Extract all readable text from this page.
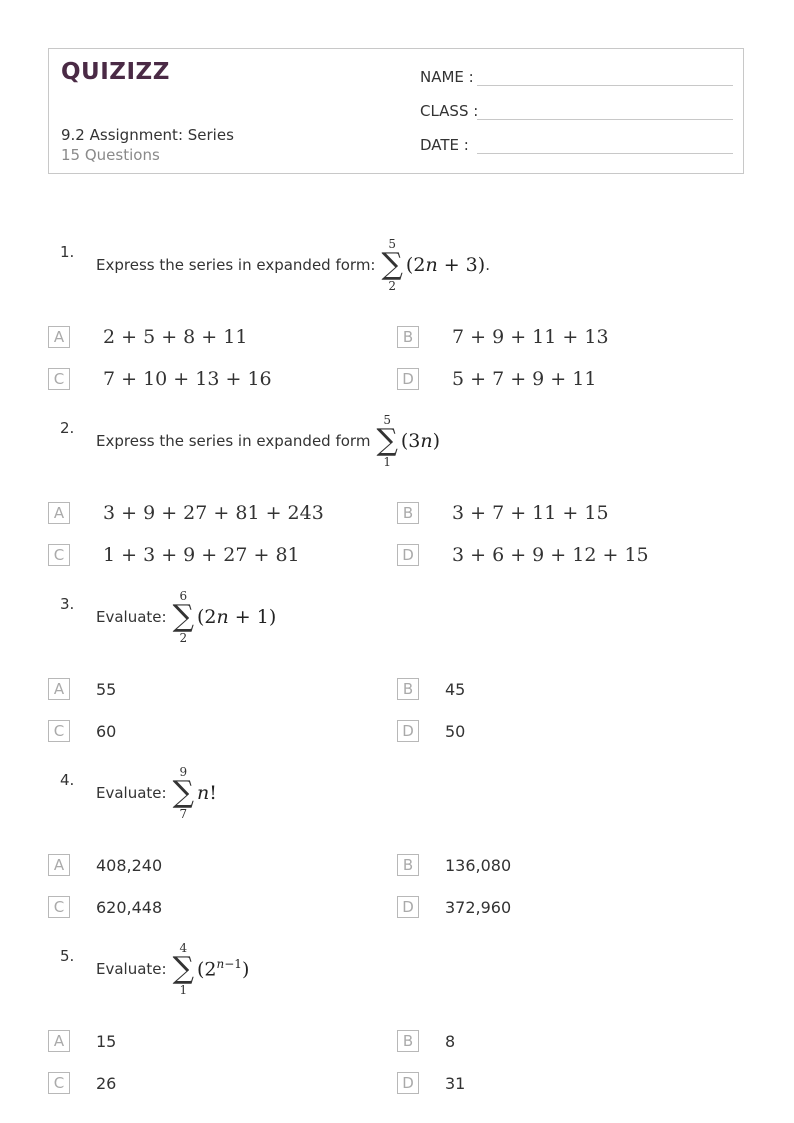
QUIZIZZ
9.2 Assignment: Series
15 Questions
NAME :
CLASS :
DATE :
1.
Express the series in expanded form:
5
∑
2
(2n + 3) .
A	2 + 5 + 8 + 11	B	7 + 9 + 11 + 13
C	7 + 10 + 13 + 16	D 5 + 7 + 9 + 11
2.
Express the series in expanded form
5
∑
1
(3n)
A	3 + 9 + 27 + 81 + 243	B	3 + 7 + 11 + 15
C	1 + 3 + 9 + 27 + 81	D 3 + 6 + 9 + 12 + 15
3.
Evaluate:
6
∑
2
(2n + 1)
A	55	B	45
C	60	D	50
4.
Evaluate:
9
∑
7
n!
A	408,240	B	136,080
C	620,448	D	372,960
5.
Evaluate:
4
∑
1
$(2^{n-1})$
A	15	B	8
C	26	D	31
